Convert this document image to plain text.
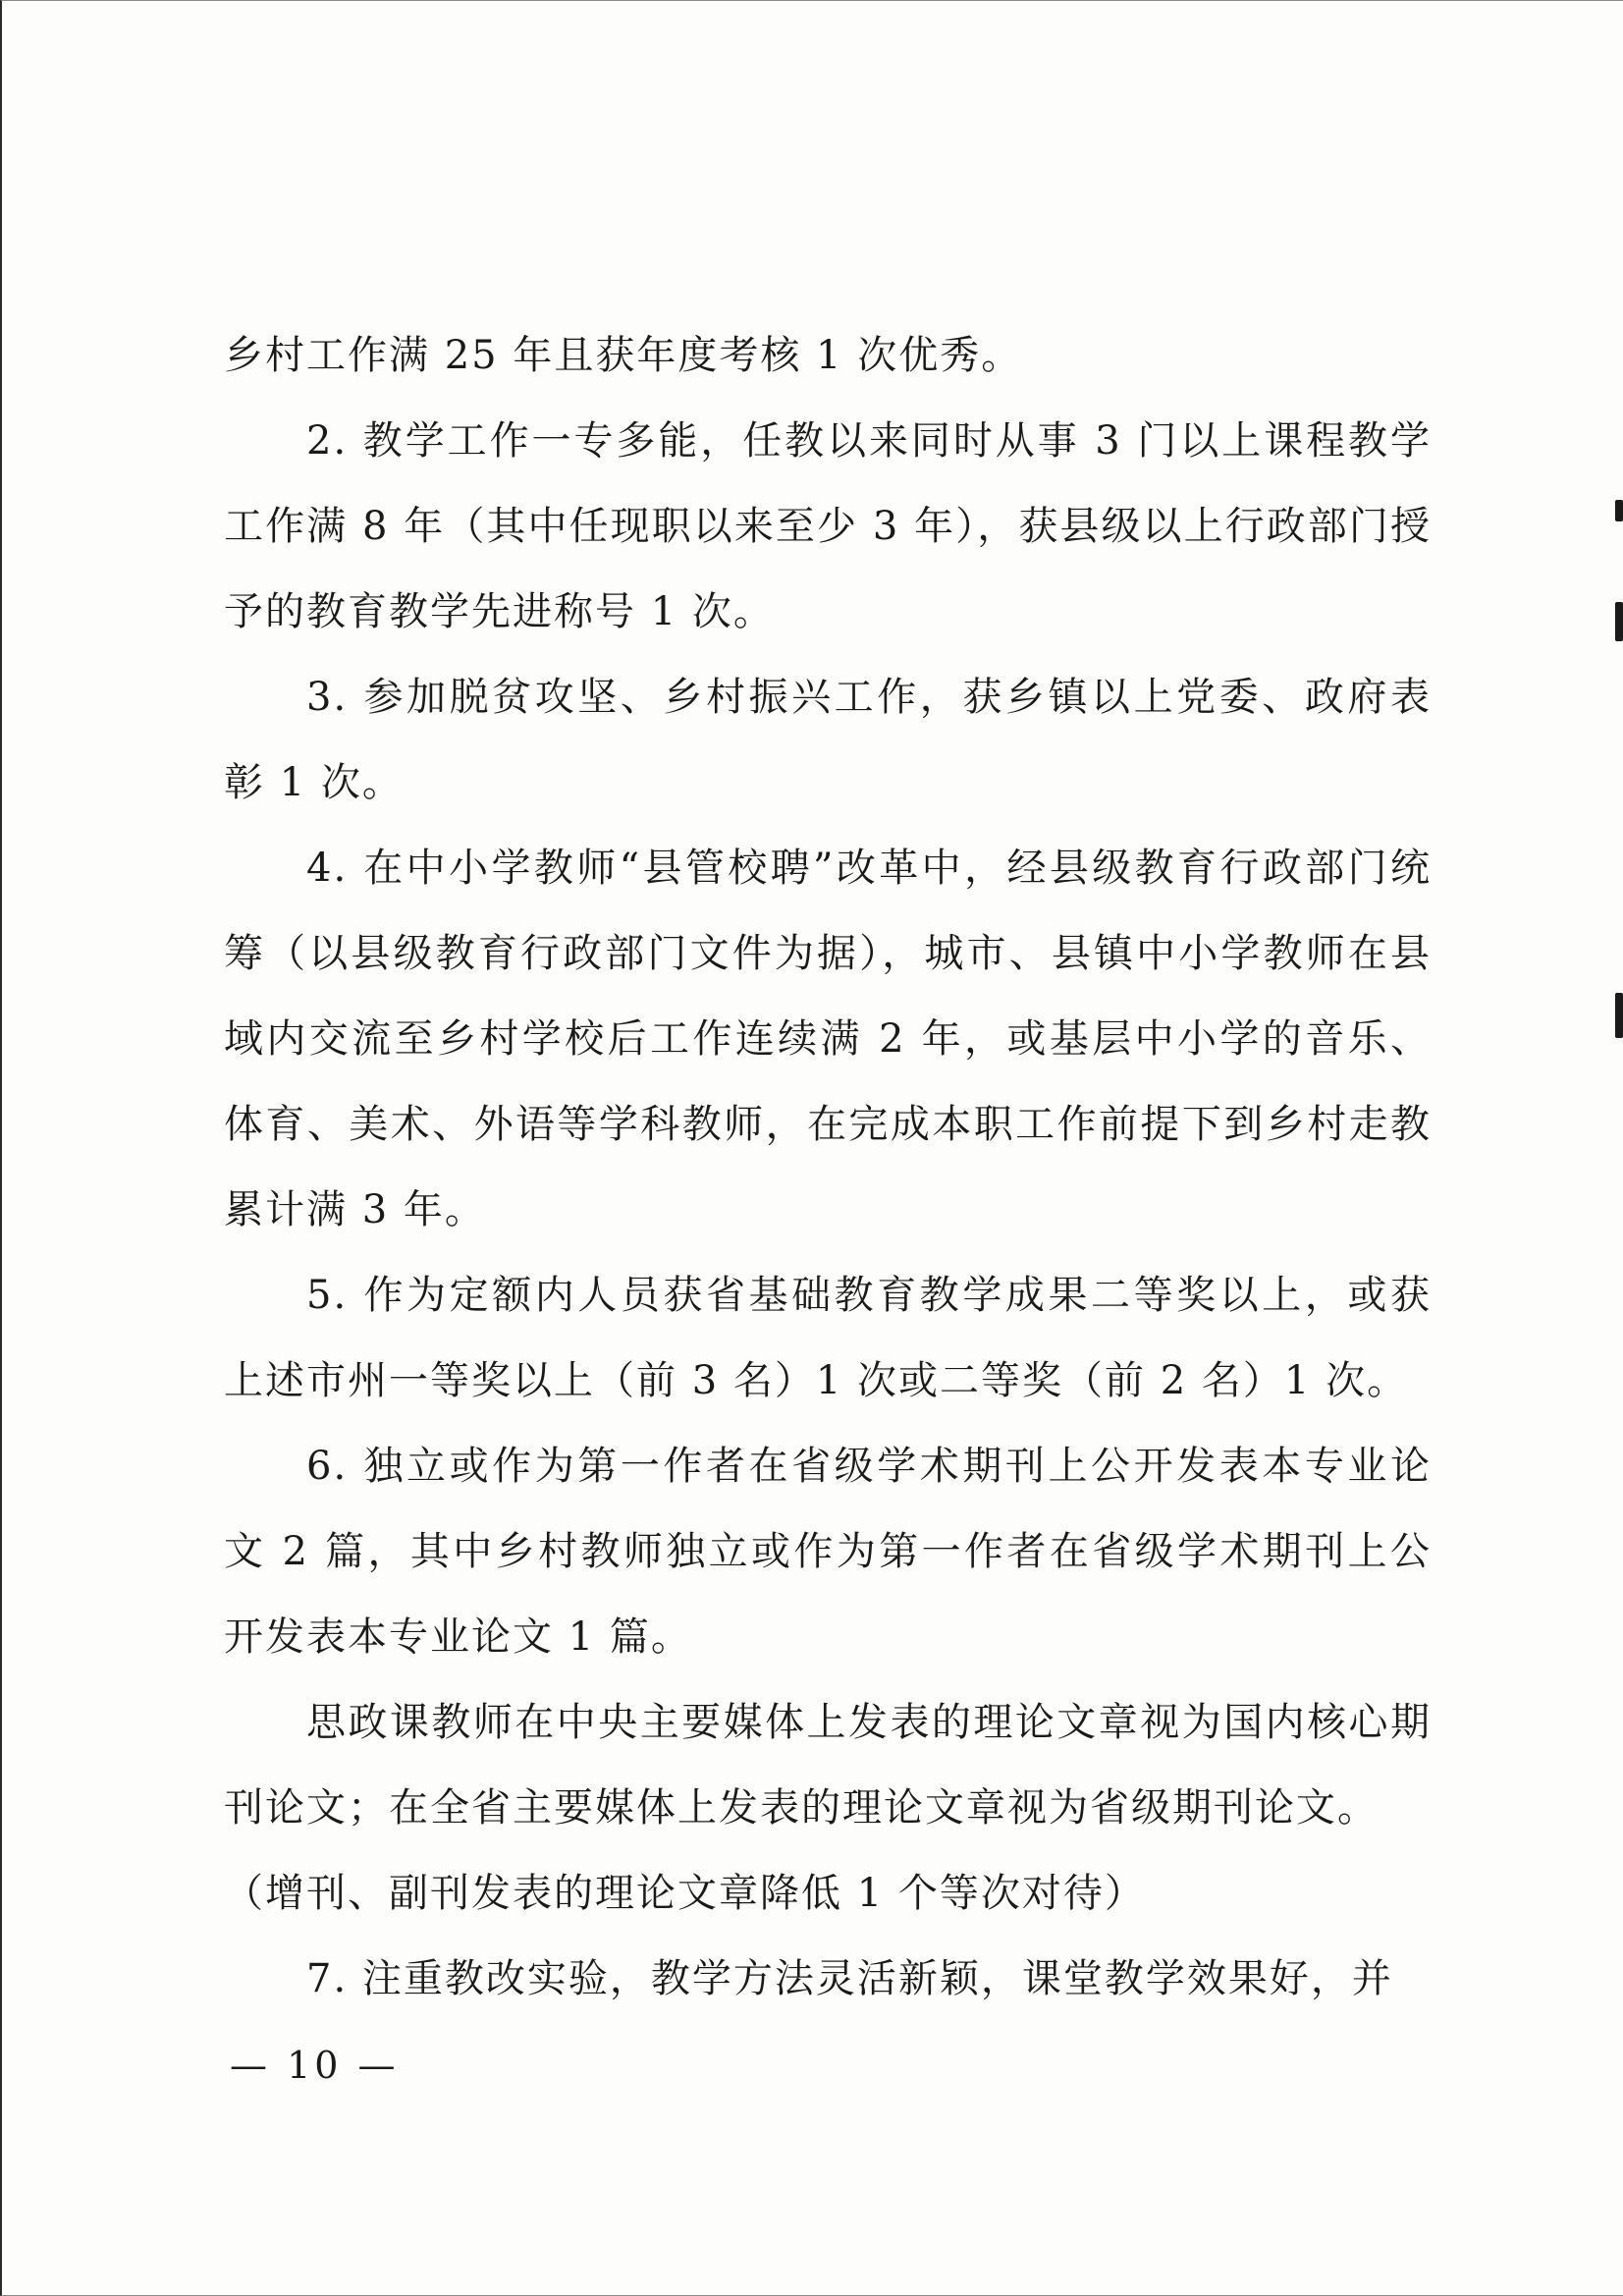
乡村工作满 25 年且获年度考核 1 次优秀。

2. 教学工作一专多能，任教以来同时从事 3 门以上课程教学工作满 8 年（其中任现职以来至少 3 年），获县级以上行政部门授予的教育教学先进称号 1 次。

3. 参加脱贫攻坚、乡村振兴工作，获乡镇以上党委、政府表彰 1 次。

4. 在中小学教师“县管校聘”改革中，经县级教育行政部门统筹（以县级教育行政部门文件为据），城市、县镇中小学教师在县域内交流至乡村学校后工作连续满 2 年，或基层中小学的音乐、体育、美术、外语等学科教师，在完成本职工作前提下到乡村走教累计满 3 年。

5. 作为定额内人员获省基础教育教学成果二等奖以上，或获上述市州一等奖以上（前 3 名）1 次或二等奖（前 2 名）1 次。

6. 独立或作为第一作者在省级学术期刊上公开发表本专业论文 2 篇，其中乡村教师独立或作为第一作者在省级学术期刊上公开发表本专业论文 1 篇。

思政课教师在中央主要媒体上发表的理论文章视为国内核心期刊论文；在全省主要媒体上发表的理论文章视为省级期刊论文。

（增刊、副刊发表的理论文章降低 1 个等次对待）

7. 注重教改实验，教学方法灵活新颖，课堂教学效果好，并

— 10 —
